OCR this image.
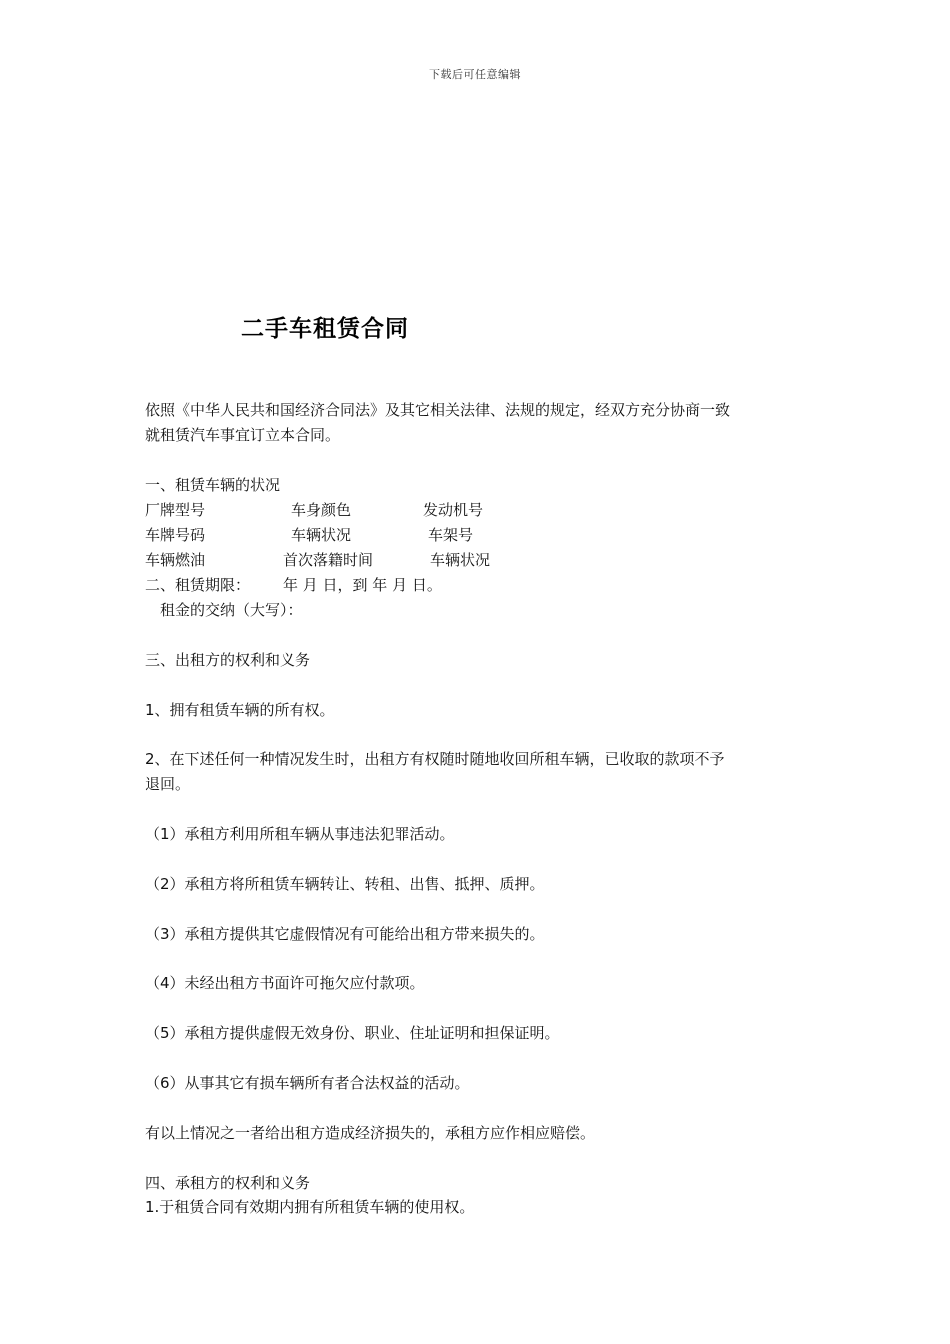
下载后可任意编辑
二手车租赁合同
依照《中华人民共和国经济合同法》及其它相关法律、法规的规定，经双方充分协商一致
就租赁汽车事宜订立本合同。
一、租赁车辆的状况
厂牌型号	车身颜色	发动机号
车牌号码	车辆状况	车架号
车辆燃油	首次落籍时间	车辆状况
二、租赁期限： 年 月 日，到 年 月 日。
租金的交纳（大写）：
三、出租方的权利和义务
1、拥有租赁车辆的所有权。
2、在下述任何一种情况发生时，出租方有权随时随地收回所租车辆，已收取的款项不予
退回。
（1）承租方利用所租车辆从事违法犯罪活动。
（2）承租方将所租赁车辆转让、转租、出售、抵押、质押。
（3）承租方提供其它虚假情况有可能给出租方带来损失的。
（4）未经出租方书面许可拖欠应付款项。
（5）承租方提供虚假无效身份、职业、住址证明和担保证明。
（6）从事其它有损车辆所有者合法权益的活动。
有以上情况之一者给出租方造成经济损失的，承租方应作相应赔偿。
四、承租方的权利和义务
1.于租赁合同有效期内拥有所租赁车辆的使用权。
